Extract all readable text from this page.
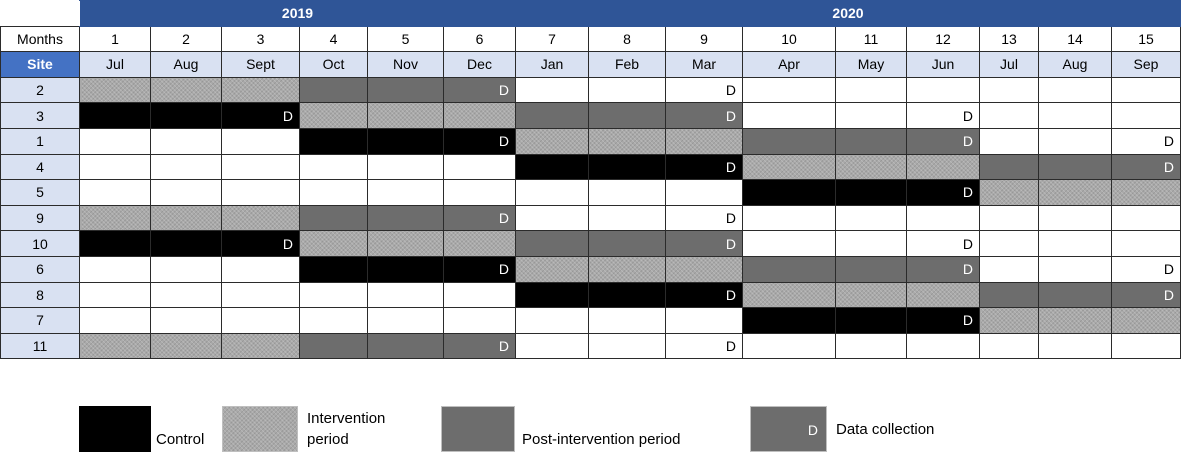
	2019						2020								
Months	1	2	3	4	5	6	7	8	9	10	11	12	13	14	15
Site	Jul	Aug	Sept	Oct	Nov	Dec	Jan	Feb	Mar	Apr	May	Jun	Jul	Aug	Sep
2						D			D						
3			D						D			D			
1						D						D			D
4									D						D
5												D			
9						D			D						
10			D						D			D			
6						D						D			D
8									D						D
7												D			
11						D			D						
Control
Intervention
period	Post-intervention period
D Data collection
